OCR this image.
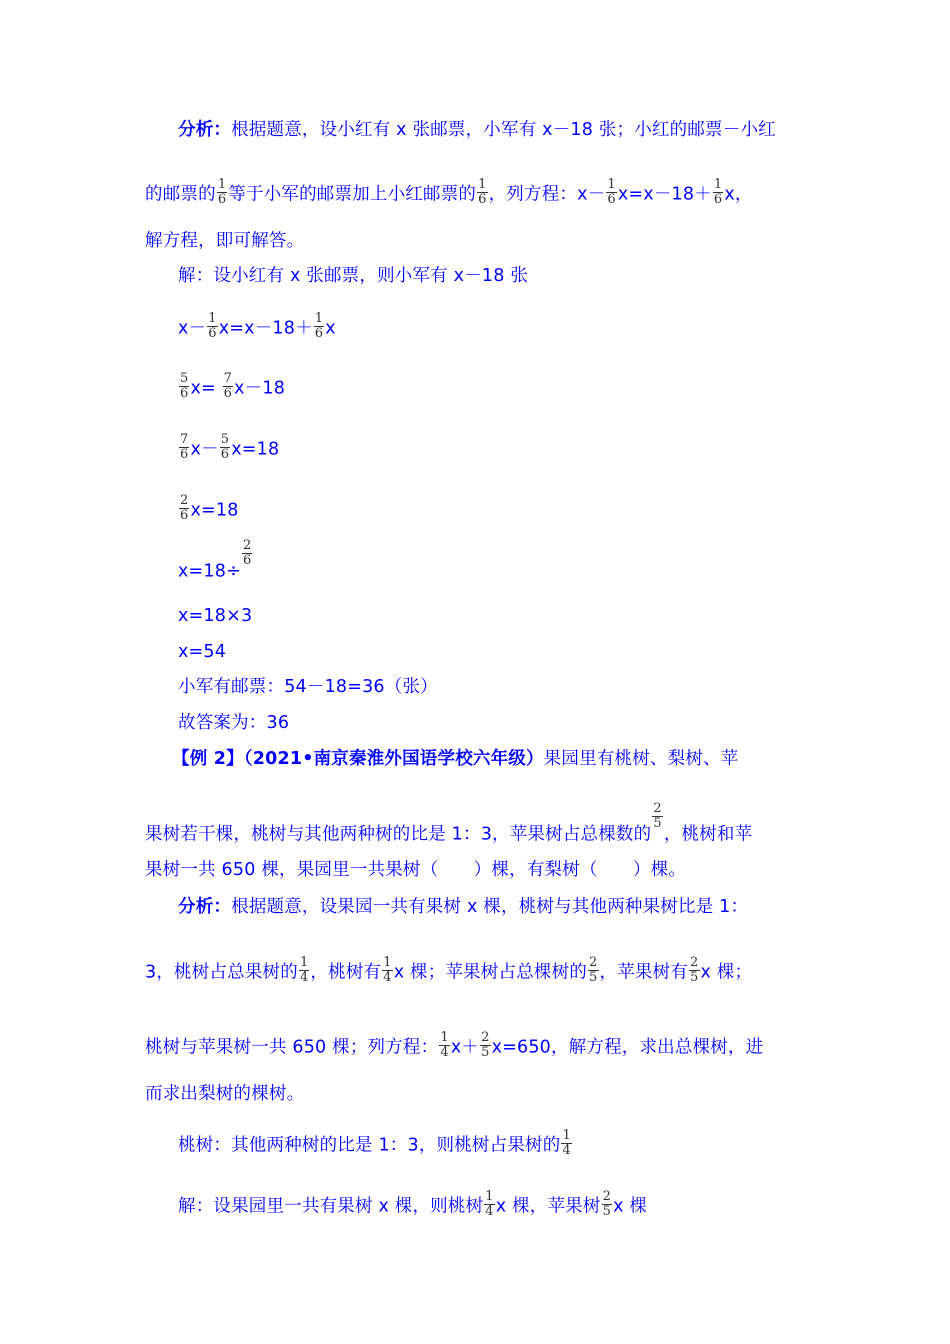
分析：根据题意，设小红有 x 张邮票，小军有 x－18 张；小红的邮票－小红
的邮票的 $\frac{1}{6}$ 等于小军的邮票加上小红邮票的 $\frac{1}{6}$ ，列方程：$x- \frac{1}{6} x=x-18+ \frac{1}{6}$ x，
解方程，即可解答。
解：设小红有 x 张邮票，则小军有 x－18 张
$x- \frac{1}{6} x=x-18+ \frac{1}{6}$ x
$\frac{5}{6} x= \frac{7}{6} x-18$
$\frac{7}{6} x- \frac{5}{6} x=18$
$\frac{2}{6} x=18$
x=18÷
$\frac{2}{6}$
x=18×3
x=54
小军有邮票：54－18=36（张）
故答案为：36
【例 2】（2021•南京秦淮外国语学校六年级）果园里有桃树、梨树、苹
果树若干棵，桃树与其他两种树的比是 1：3，苹果树占总棵数的
$\frac{2}{5}$
，桃树和苹
果树一共 650 棵，果园里一共果树（　　）棵，有梨树（　　）棵。
分析：根据题意，设果园一共有果树 x 棵，桃树与其他两种果树比是 1：
3，桃树占总果树的 $\frac{1}{4}$ ，桃树有 $\frac{1}{4}$ x 棵；苹果树占总棵树的 $\frac{2}{5}$ ，苹果树有 $\frac{2}{5}$ x 棵；
桃树与苹果树一共 650 棵；列方程： $\frac{1}{4} x+ \frac{2}{5} x=650$，解方程，求出总棵树，进
而求出梨树的棵树。
桃树：其他两种树的比是 1：3，则桃树占果树的 $\frac{1}{4}$
解：设果园里一共有果树 x 棵，则桃树 $\frac{1}{4}$ x 棵，苹果树 $\frac{2}{5}$ x 棵
